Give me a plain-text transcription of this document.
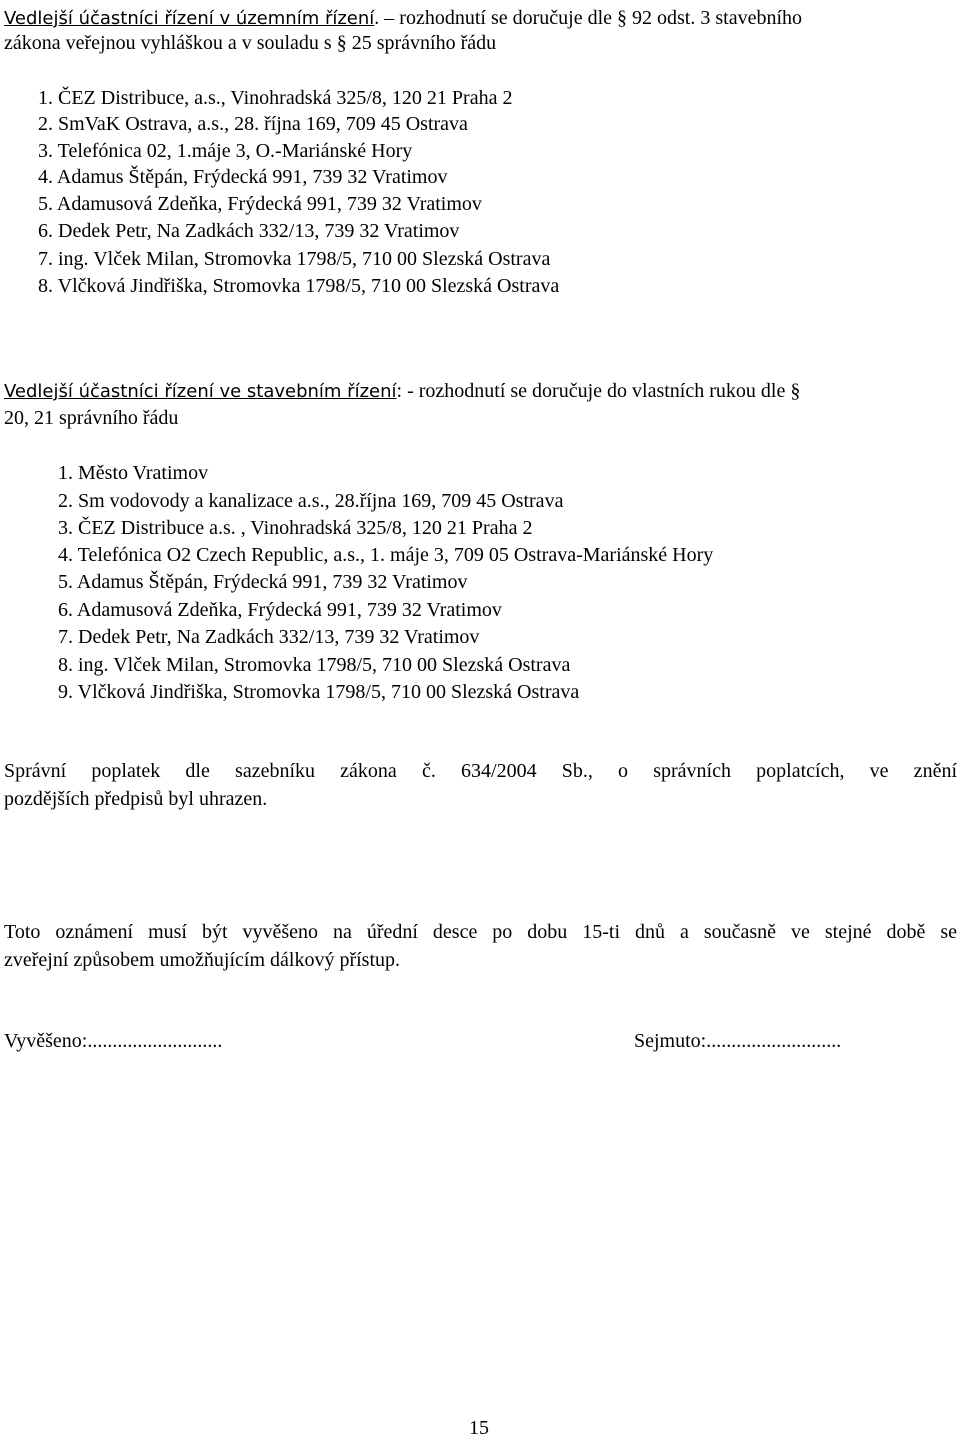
Vedlejší účastníci řízení v územním řízení. – rozhodnutí se doručuje dle § 92 odst. 3 stavebního
zákona veřejnou vyhláškou a v souladu s § 25 správního řádu
1. ČEZ Distribuce, a.s., Vinohradská 325/8, 120 21 Praha 2
2. SmVaK Ostrava, a.s., 28. října 169, 709 45 Ostrava
3. Telefónica 02, 1.máje 3, O.-Mariánské Hory
4. Adamus Štěpán, Frýdecká 991, 739 32 Vratimov
5. Adamusová Zdeňka, Frýdecká 991, 739 32 Vratimov
6. Dedek Petr, Na Zadkách 332/13, 739 32 Vratimov
7. ing. Vlček Milan, Stromovka 1798/5, 710 00 Slezská Ostrava
8. Vlčková Jindřiška, Stromovka 1798/5, 710 00 Slezská Ostrava
Vedlejší účastníci řízení ve stavebním řízení: - rozhodnutí se doručuje do vlastních rukou dle §
20, 21 správního řádu
1. Město Vratimov
2. Sm vodovody a kanalizace a.s., 28.října 169, 709 45 Ostrava
3. ČEZ Distribuce a.s. , Vinohradská 325/8, 120 21 Praha 2
4. Telefónica O2 Czech Republic, a.s., 1. máje 3, 709 05 Ostrava-Mariánské Hory
5. Adamus Štěpán, Frýdecká 991, 739 32 Vratimov
6. Adamusová Zdeňka, Frýdecká 991, 739 32 Vratimov
7. Dedek Petr, Na Zadkách 332/13, 739 32 Vratimov
8. ing. Vlček Milan, Stromovka 1798/5, 710 00 Slezská Ostrava
9. Vlčková Jindřiška, Stromovka 1798/5, 710 00 Slezská Ostrava
Správní poplatek dle sazebníku zákona č. 634/2004 Sb., o správních poplatcích, ve znění
pozdějších předpisů byl uhrazen.
Toto oznámení musí být vyvěšeno na úřední desce po dobu 15-ti dnů a současně ve stejné době se
zveřejní způsobem umožňujícím dálkový přístup.
Vyvěšeno:...........................	Sejmuto:...........................
15
